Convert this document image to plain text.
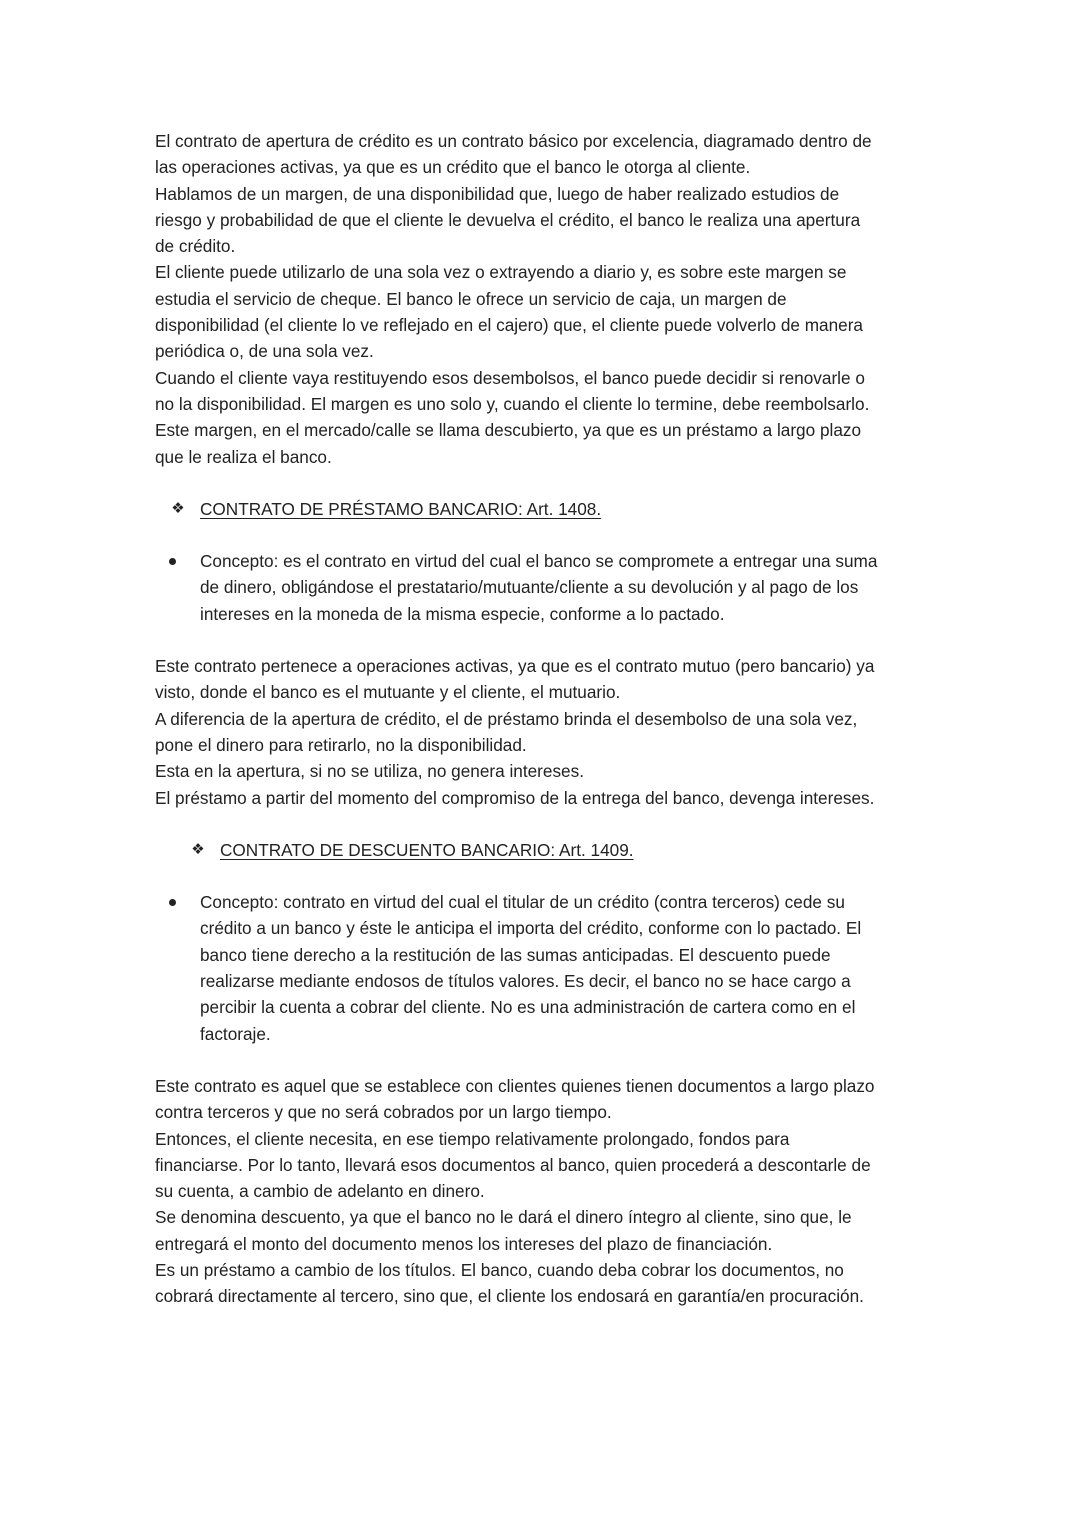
El contrato de apertura de crédito es un contrato básico por excelencia, diagramado dentro de

las operaciones activas, ya que es un crédito que el banco le otorga al cliente.

Hablamos de un margen, de una disponibilidad que, luego de haber realizado estudios de

riesgo y probabilidad de que el cliente le devuelva el crédito, el banco le realiza una apertura

de crédito.

El cliente puede utilizarlo de una sola vez o extrayendo a diario y, es sobre este margen se

estudia el servicio de cheque. El banco le ofrece un servicio de caja, un margen de

disponibilidad (el cliente lo ve reflejado en el cajero) que, el cliente puede volverlo de manera

periódica o, de una sola vez.

Cuando el cliente vaya restituyendo esos desembolsos, el banco puede decidir si renovarle o

no la disponibilidad. El margen es uno solo y, cuando el cliente lo termine, debe reembolsarlo.

Este margen, en el mercado/calle se llama descubierto, ya que es un préstamo a largo plazo

que le realiza el banco.

❖ CONTRATO DE PRÉSTAMO BANCARIO: Art. 1408.

Concepto: es el contrato en virtud del cual el banco se compromete a entregar una suma

de dinero, obligándose el prestatario/mutuante/cliente a su devolución y al pago de los

intereses en la moneda de la misma especie, conforme a lo pactado.

Este contrato pertenece a operaciones activas, ya que es el contrato mutuo (pero bancario) ya

visto, donde el banco es el mutuante y el cliente, el mutuario.

A diferencia de la apertura de crédito, el de préstamo brinda el desembolso de una sola vez,

pone el dinero para retirarlo, no la disponibilidad.

Esta en la apertura, si no se utiliza, no genera intereses.

El préstamo a partir del momento del compromiso de la entrega del banco, devenga intereses.

❖ CONTRATO DE DESCUENTO BANCARIO: Art. 1409.

Concepto: contrato en virtud del cual el titular de un crédito (contra terceros) cede su

crédito a un banco y éste le anticipa el importa del crédito, conforme con lo pactado. El

banco tiene derecho a la restitución de las sumas anticipadas. El descuento puede

realizarse mediante endosos de títulos valores. Es decir, el banco no se hace cargo a

percibir la cuenta a cobrar del cliente. No es una administración de cartera como en el

factoraje.

Este contrato es aquel que se establece con clientes quienes tienen documentos a largo plazo

contra terceros y que no será cobrados por un largo tiempo.

Entonces, el cliente necesita, en ese tiempo relativamente prolongado, fondos para

financiarse. Por lo tanto, llevará esos documentos al banco, quien procederá a descontarle de

su cuenta, a cambio de adelanto en dinero.

Se denomina descuento, ya que el banco no le dará el dinero íntegro al cliente, sino que, le

entregará el monto del documento menos los intereses del plazo de financiación.

Es un préstamo a cambio de los títulos. El banco, cuando deba cobrar los documentos, no

cobrará directamente al tercero, sino que, el cliente los endosará en garantía/en procuración.
